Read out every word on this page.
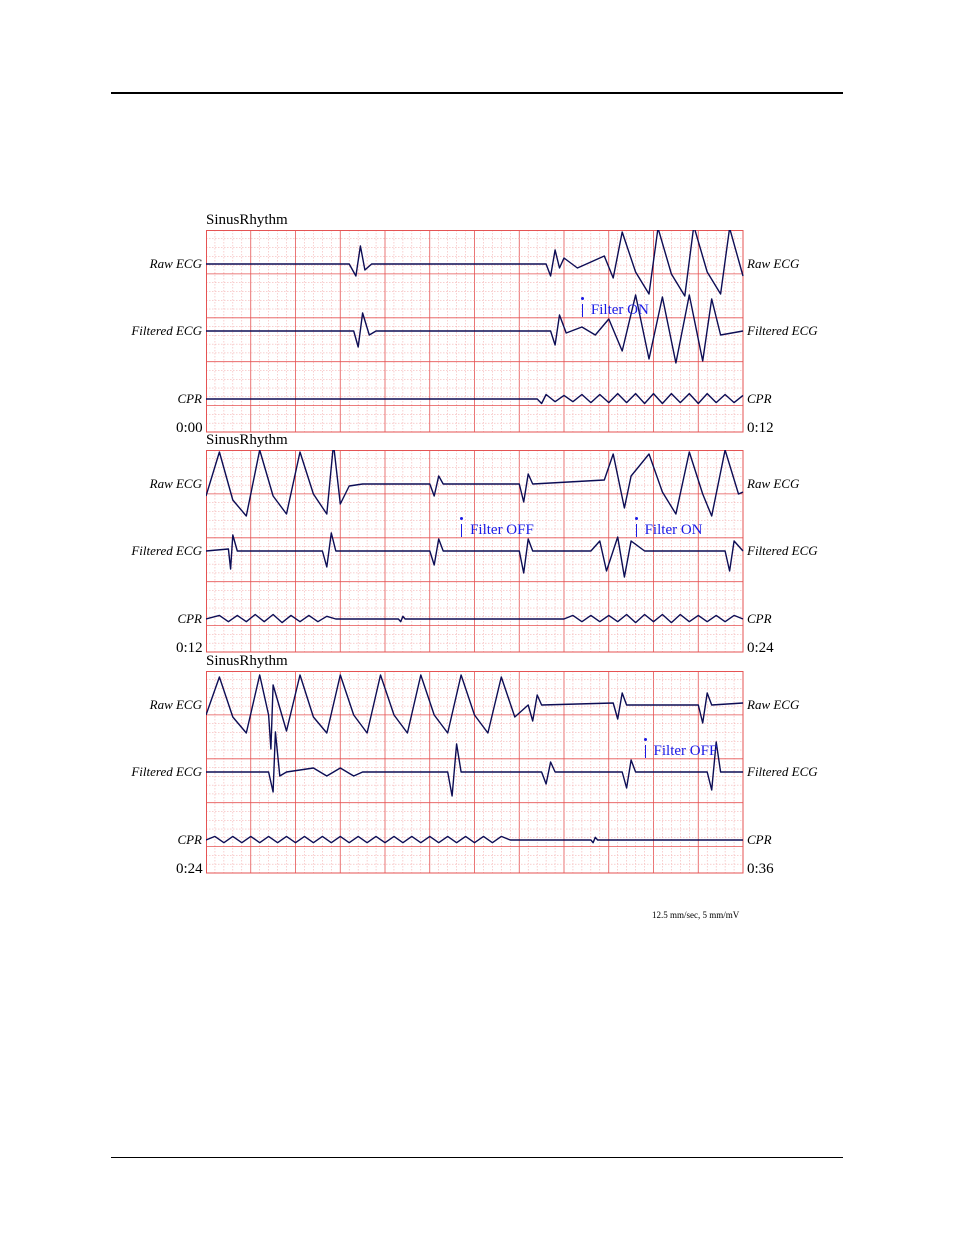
SinusRhythm
Raw ECG	Raw ECG
Filtered ECG	Filtered ECG
CPR	CPR
0:00	0:12
Filter ON
SinusRhythm
Raw ECG	Raw ECG
Filtered ECG	Filtered ECG
CPR	CPR
0:12	0:24
Filter OFF	Filter ON
SinusRhythm
Raw ECG	Raw ECG
Filtered ECG	Filtered ECG
CPR	CPR
0:24	0:36
Filter OFF
12.5 mm/sec, 5 mm/mV
